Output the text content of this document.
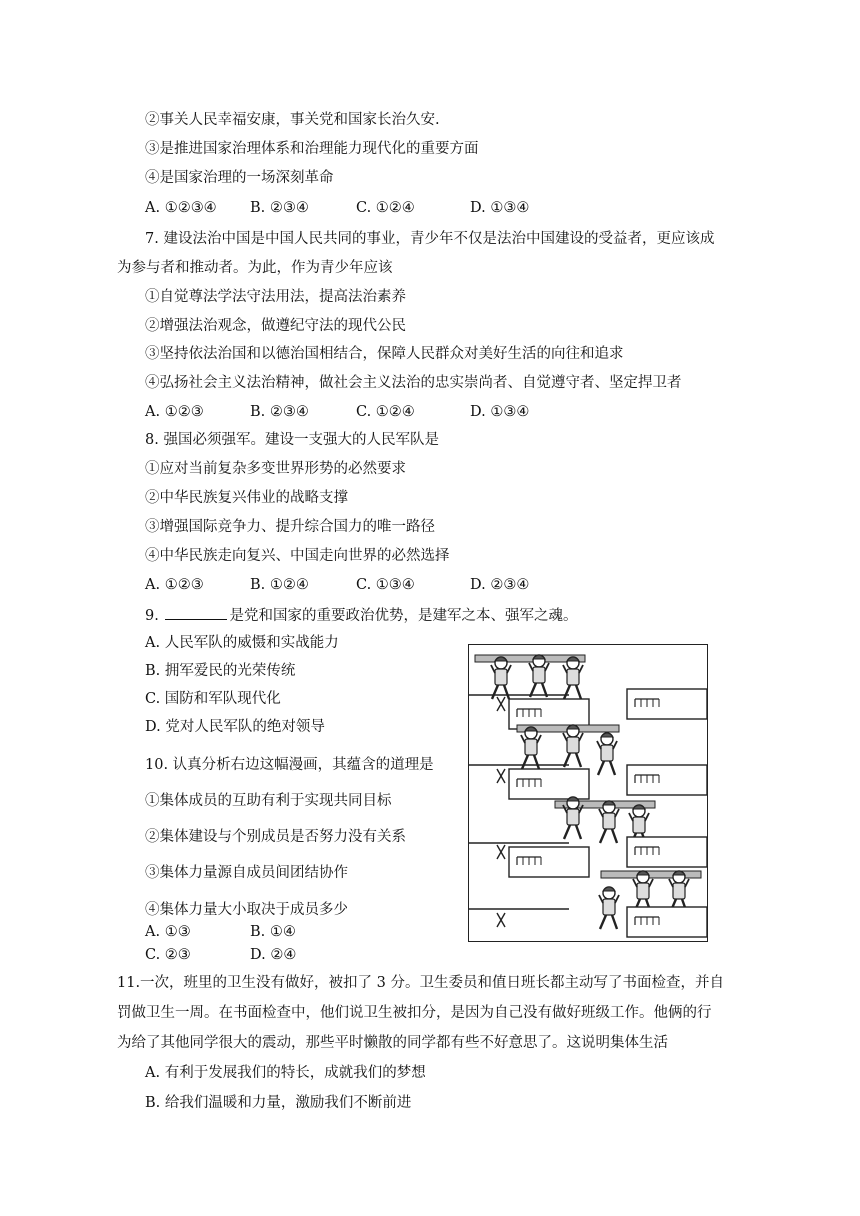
②事关人民幸福安康，事关党和国家长治久安.
③是推进国家治理体系和治理能力现代化的重要方面
④是国家治理的一场深刻革命
A. ①②③④ B. ②③④	C. ①②④	D. ①③④
7. 建设法治中国是中国人民共同的事业，青少年不仅是法治中国建设的受益者，更应该成
为参与者和推动者。为此，作为青少年应该
①自觉尊法学法守法用法，提高法治素养
②增强法治观念，做遵纪守法的现代公民
③坚持依法治国和以德治国相结合，保障人民群众对美好生活的向往和追求
④弘扬社会主义法治精神，做社会主义法治的忠实崇尚者、自觉遵守者、坚定捍卫者
A. ①②③	B. ②③④	C. ①②④	D. ①③④
8. 强国必须强军。建设一支强大的人民军队是
①应对当前复杂多变世界形势的必然要求
②中华民族复兴伟业的战略支撑
③增强国际竞争力、提升综合国力的唯一路径
④中华民族走向复兴、中国走向世界的必然选择
A. ①②③	B. ①②④	C. ①③④	D. ②③④
9.	是党和国家的重要政治优势，是建军之本、强军之魂。
A. 人民军队的威慑和实战能力
B. 拥军爱民的光荣传统
C. 国防和军队现代化
D. 党对人民军队的绝对领导
10. 认真分析右边这幅漫画，其蕴含的道理是
①集体成员的互助有利于实现共同目标
②集体建设与个别成员是否努力没有关系
③集体力量源自成员间团结协作
④集体力量大小取决于成员多少
A. ①③	B. ①④
C. ②③	D. ②④
11.一次，班里的卫生没有做好，被扣了 3 分。卫生委员和值日班长都主动写了书面检查，并自
罚做卫生一周。在书面检查中，他们说卫生被扣分，是因为自己没有做好班级工作。他俩的行
为给了其他同学很大的震动，那些平时懒散的同学都有些不好意思了。这说明集体生活
A. 有利于发展我们的特长，成就我们的梦想
B. 给我们温暖和力量，激励我们不断前进
